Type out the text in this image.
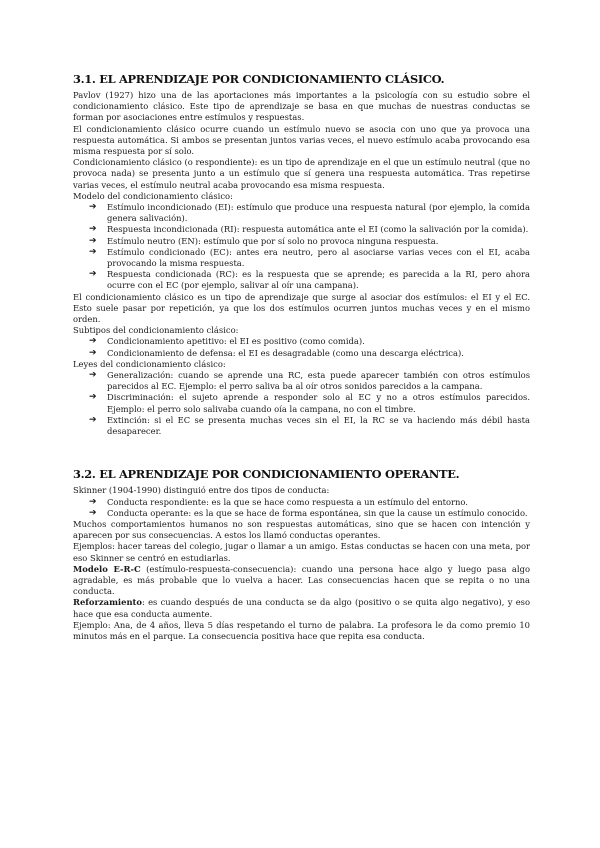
3.1. EL APRENDIZAJE POR CONDICIONAMIENTO CLÁSICO.

Pavlov (1927) hizo una de las aportaciones más importantes a la psicología con su estudio sobre el condicionamiento clásico. Este tipo de aprendizaje se basa en que muchas de nuestras conductas se forman por asociaciones entre estímulos y respuestas.

El condicionamiento clásico ocurre cuando un estímulo nuevo se asocia con uno que ya provoca una respuesta automática. Si ambos se presentan juntos varias veces, el nuevo estímulo acaba provocando esa misma respuesta por sí solo.

Condicionamiento clásico (o respondiente): es un tipo de aprendizaje en el que un estímulo neutral (que no provoca nada) se presenta junto a un estímulo que sí genera una respuesta automática. Tras repetirse varias veces, el estímulo neutral acaba provocando esa misma respuesta.

Modelo del condicionamiento clásico:

➔ Estímulo incondicionado (EI): estímulo que produce una respuesta natural (por ejemplo, la comida genera salivación).
➔ Respuesta incondicionada (RI): respuesta automática ante el EI (como la salivación por la comida).
➔ Estímulo neutro (EN): estímulo que por sí solo no provoca ninguna respuesta.
➔ Estímulo condicionado (EC): antes era neutro, pero al asociarse varias veces con el EI, acaba provocando la misma respuesta.
➔ Respuesta condicionada (RC): es la respuesta que se aprende; es parecida a la RI, pero ahora ocurre con el EC (por ejemplo, salivar al oír una campana).

El condicionamiento clásico es un tipo de aprendizaje que surge al asociar dos estímulos: el EI y el EC. Esto suele pasar por repetición, ya que los dos estímulos ocurren juntos muchas veces y en el mismo orden.

Subtipos del condicionamiento clásico:

➔ Condicionamiento apetitivo: el EI es positivo (como comida).
➔ Condicionamiento de defensa: el EI es desagradable (como una descarga eléctrica).

Leyes del condicionamiento clásico:

➔ Generalización: cuando se aprende una RC, esta puede aparecer también con otros estímulos parecidos al EC. Ejemplo: el perro saliva ba al oír otros sonidos parecidos a la campana.
➔ Discriminación: el sujeto aprende a responder solo al EC y no a otros estímulos parecidos. Ejemplo: el perro solo salivaba cuando oía la campana, no con el timbre.
➔ Extinción: si el EC se presenta muchas veces sin el EI, la RC se va haciendo más débil hasta desaparecer.
3.2. EL APRENDIZAJE POR CONDICIONAMIENTO OPERANTE.

Skinner (1904-1990) distinguió entre dos tipos de conducta:

➔ Conducta respondiente: es la que se hace como respuesta a un estímulo del entorno.
➔ Conducta operante: es la que se hace de forma espontánea, sin que la cause un estímulo conocido.

Muchos comportamientos humanos no son respuestas automáticas, sino que se hacen con intención y aparecen por sus consecuencias. A estos los llamó conductas operantes.

Ejemplos: hacer tareas del colegio, jugar o llamar a un amigo. Estas conductas se hacen con una meta, por eso Skinner se centró en estudiarlas.

Modelo E-R-C (estímulo-respuesta-consecuencia): cuando una persona hace algo y luego pasa algo agradable, es más probable que lo vuelva a hacer. Las consecuencias hacen que se repita o no una conducta.

Reforzamiento: es cuando después de una conducta se da algo (positivo o se quita algo negativo), y eso hace que esa conducta aumente.

Ejemplo: Ana, de 4 años, lleva 5 días respetando el turno de palabra. La profesora le da como premio 10 minutos más en el parque. La consecuencia positiva hace que repita esa conducta.
